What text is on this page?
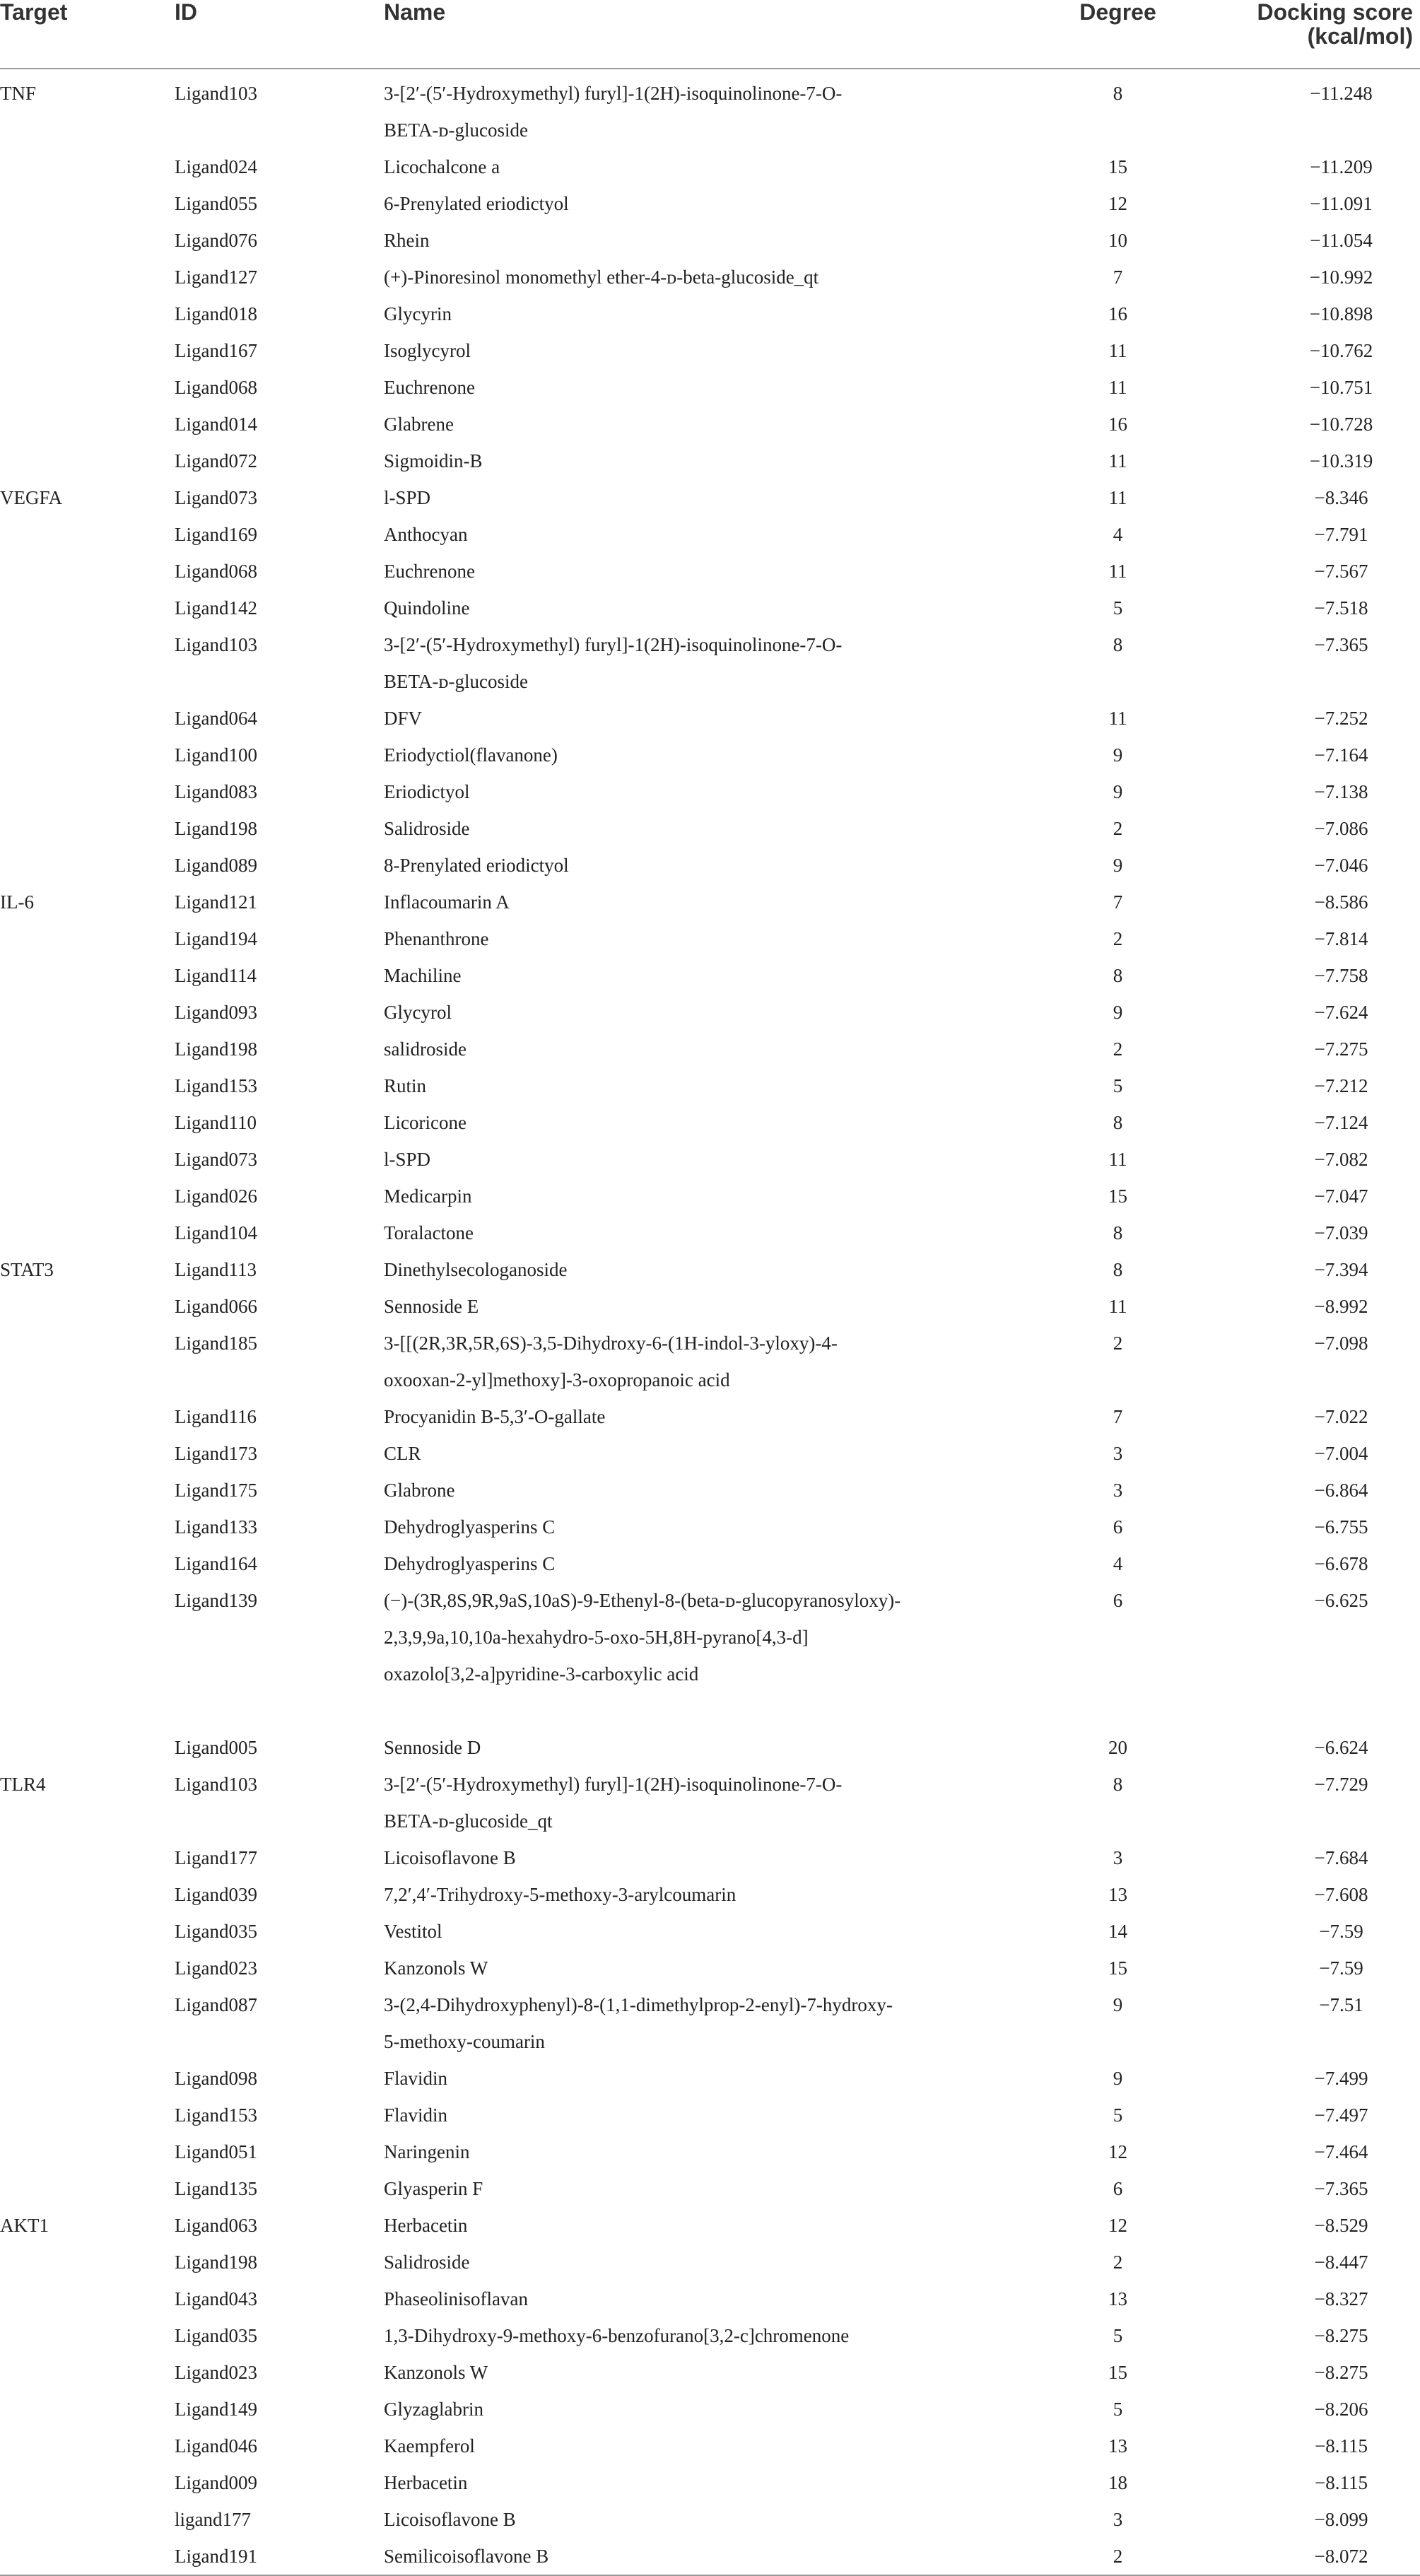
Target	ID	Name	Degree	Docking score
(kcal/mol)

TNF	Ligand103	3-[2′-(5′-Hydroxymethyl) furyl]-1(2H)-isoquinolinone-7-O-
BETA-ᴅ-glucoside	8	−11.248
	Ligand024	Licochalcone a	15	−11.209
	Ligand055	6-Prenylated eriodictyol	12	−11.091
	Ligand076	Rhein	10	−11.054
	Ligand127	(+)-Pinoresinol monomethyl ether-4-ᴅ-beta-glucoside_qt	7	−10.992
	Ligand018	Glycyrin	16	−10.898
	Ligand167	Isoglycyrol	11	−10.762
	Ligand068	Euchrenone	11	−10.751
	Ligand014	Glabrene	16	−10.728
	Ligand072	Sigmoidin-B	11	−10.319
VEGFA	Ligand073	l-SPD	11	−8.346
	Ligand169	Anthocyan	4	−7.791
	Ligand068	Euchrenone	11	−7.567
	Ligand142	Quindoline	5	−7.518
	Ligand103	3-[2′-(5′-Hydroxymethyl) furyl]-1(2H)-isoquinolinone-7-O-
BETA-ᴅ-glucoside	8	−7.365
	Ligand064	DFV	11	−7.252
	Ligand100	Eriodyctiol(flavanone)	9	−7.164
	Ligand083	Eriodictyol	9	−7.138
	Ligand198	Salidroside	2	−7.086
	Ligand089	8-Prenylated eriodictyol	9	−7.046
IL-6	Ligand121	Inflacoumarin A	7	−8.586
	Ligand194	Phenanthrone	2	−7.814
	Ligand114	Machiline	8	−7.758
	Ligand093	Glycyrol	9	−7.624
	Ligand198	salidroside	2	−7.275
	Ligand153	Rutin	5	−7.212
	Ligand110	Licoricone	8	−7.124
	Ligand073	l-SPD	11	−7.082
	Ligand026	Medicarpin	15	−7.047
	Ligand104	Toralactone	8	−7.039
STAT3	Ligand113	Dinethylsecologanoside	8	−7.394
	Ligand066	Sennoside E	11	−8.992
	Ligand185	3-[[(2R,3R,5R,6S)-3,5-Dihydroxy-6-(1H-indol-3-yloxy)-4-
oxooxan-2-yl]methoxy]-3-oxopropanoic acid	2	−7.098
	Ligand116	Procyanidin B-5,3′-O-gallate	7	−7.022
	Ligand173	CLR	3	−7.004
	Ligand175	Glabrone	3	−6.864
	Ligand133	Dehydroglyasperins C	6	−6.755
	Ligand164	Dehydroglyasperins C	4	−6.678
	Ligand139	(−)-(3R,8S,9R,9aS,10aS)-9-Ethenyl-8-(beta-ᴅ-glucopyranosyloxy)-
2,3,9,9a,10,10a-hexahydro-5-oxo-5H,8H-pyrano[4,3-d]
oxazolo[3,2-a]pyridine-3-carboxylic acid	6	−6.625
	Ligand005	Sennoside D	20	−6.624
TLR4	Ligand103	3-[2′-(5′-Hydroxymethyl) furyl]-1(2H)-isoquinolinone-7-O-
BETA-ᴅ-glucoside_qt	8	−7.729
	Ligand177	Licoisoflavone B	3	−7.684
	Ligand039	7,2′,4′-Trihydroxy-5-methoxy-3-arylcoumarin	13	−7.608
	Ligand035	Vestitol	14	−7.59
	Ligand023	Kanzonols W	15	−7.59
	Ligand087	3-(2,4-Dihydroxyphenyl)-8-(1,1-dimethylprop-2-enyl)-7-hydroxy-
5-methoxy-coumarin	9	−7.51
	Ligand098	Flavidin	9	−7.499
	Ligand153	Flavidin	5	−7.497
	Ligand051	Naringenin	12	−7.464
	Ligand135	Glyasperin F	6	−7.365
AKT1	Ligand063	Herbacetin	12	−8.529
	Ligand198	Salidroside	2	−8.447
	Ligand043	Phaseolinisoflavan	13	−8.327
	Ligand035	1,3-Dihydroxy-9-methoxy-6-benzofurano[3,2-c]chromenone	5	−8.275
	Ligand023	Kanzonols W	15	−8.275
	Ligand149	Glyzaglabrin	5	−8.206
	Ligand046	Kaempferol	13	−8.115
	Ligand009	Herbacetin	18	−8.115
	ligand177	Licoisoflavone B	3	−8.099
	Ligand191	Semilicoisoflavone B	2	−8.072
